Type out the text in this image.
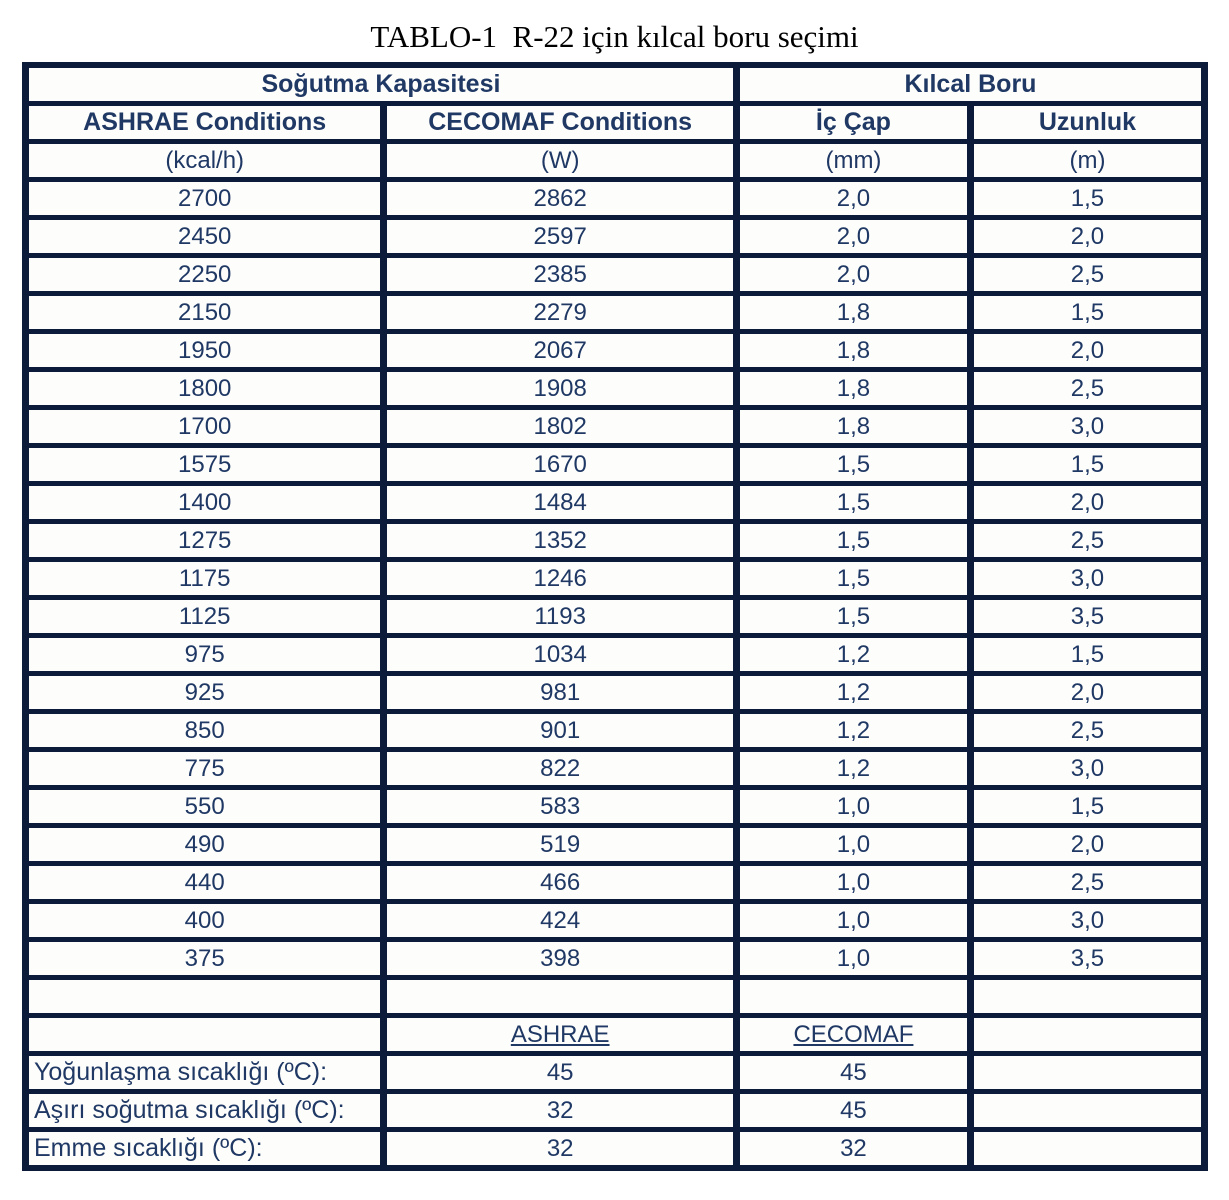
TABLO-1  R-22 için kılcal boru seçimi
Soğutma Kapasitesi		Kılcal Boru	
ASHRAE Conditions	CECOMAF Conditions	İç Çap	Uzunluk
(kcal/h)	(W)	(mm)	(m)
2700	2862	2,0	1,5
2450	2597	2,0	2,0
2250	2385	2,0	2,5
2150	2279	1,8	1,5
1950	2067	1,8	2,0
1800	1908	1,8	2,5
1700	1802	1,8	3,0
1575	1670	1,5	1,5
1400	1484	1,5	2,0
1275	1352	1,5	2,5
1175	1246	1,5	3,0
1125	1193	1,5	3,5
975	1034	1,2	1,5
925	981	1,2	2,0
850	901	1,2	2,5
775	822	1,2	3,0
550	583	1,0	1,5
490	519	1,0	2,0
440	466	1,0	2,5
400	424	1,0	3,0
375	398	1,0	3,5

	ASHRAE	CECOMAF	
Yoğunlaşma sıcaklığı (ºC):	45	45	
Aşırı soğutma sıcaklığı (ºC):	32	45	
Emme sıcaklığı (ºC):	32	32	
